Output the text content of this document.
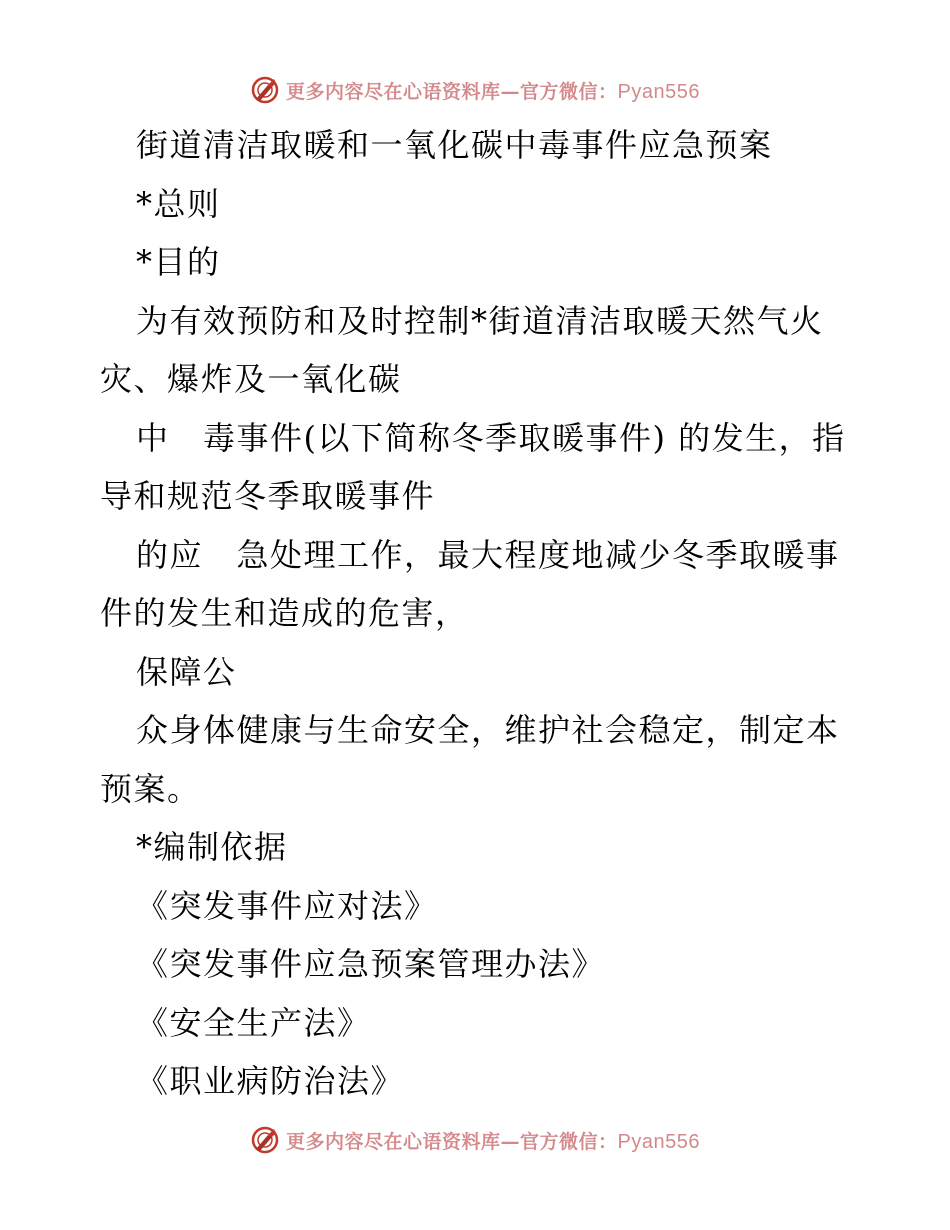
更多内容尽在心语资料库—官方微信：Pyan556
街道清洁取暖和一氧化碳中毒事件应急预案
*总则
*目的
为有效预防和及时控制*街道清洁取暖天然气火
灾、爆炸及一氧化碳
中　毒事件(以下简称冬季取暖事件) 的发生，指
导和规范冬季取暖事件
的应　急处理工作，最大程度地减少冬季取暖事
件的发生和造成的危害，
保障公
众身体健康与生命安全，维护社会稳定，制定本
预案。
*编制依据
《突发事件应对法》
《突发事件应急预案管理办法》
《安全生产法》
《职业病防治法》
更多内容尽在心语资料库—官方微信：Pyan556
